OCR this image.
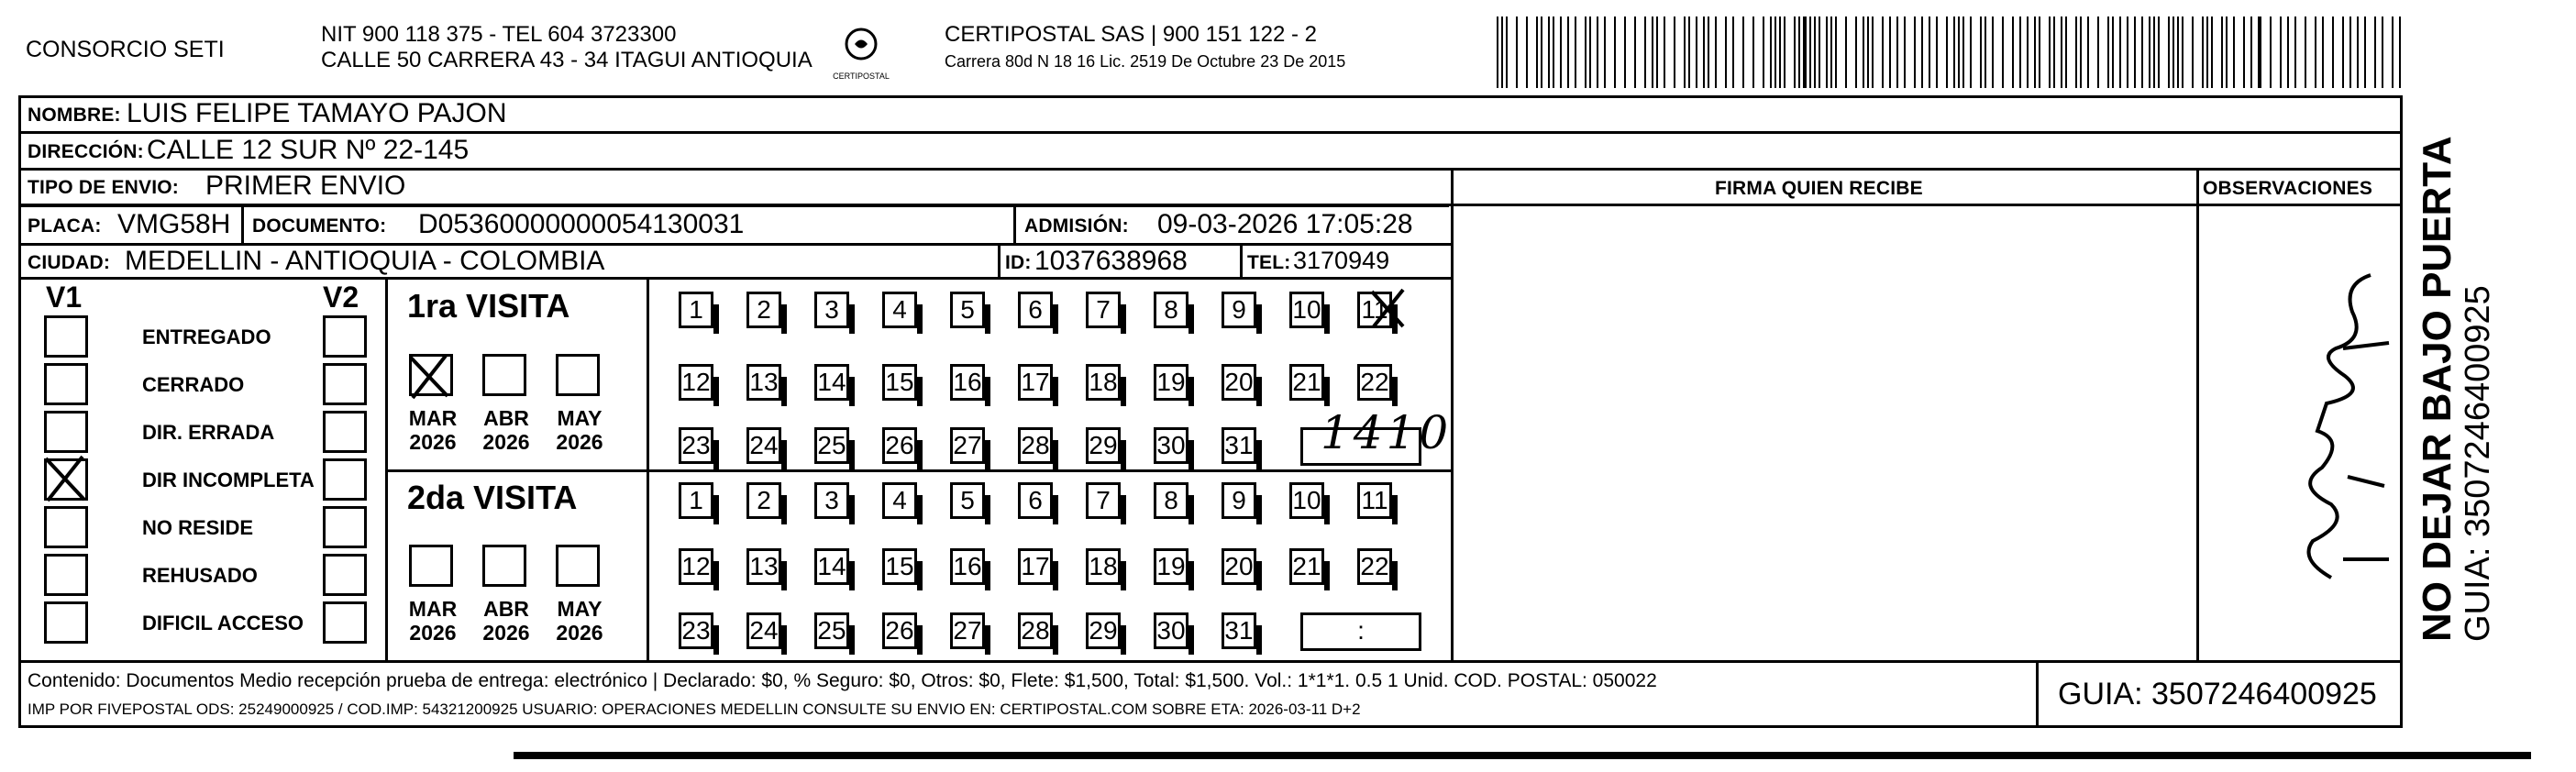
CONSORCIO SETI
NIT 900 118 375 - TEL 604 3723300
CALLE 50 CARRERA 43 - 34 ITAGUI ANTIOQUIA
CERTIPOSTAL
CERTIPOSTAL SAS | 900 151 122 - 2
Carrera 80d N 18 16 Lic. 2519 De Octubre 23 De 2015
NOMBRE: LUIS FELIPE TAMAYO PAJON
DIRECCIÓN: CALLE 12 SUR Nº 22-145
TIPO DE ENVIO: PRIMER ENVIO
PLACA: VMG58H DOCUMENTO: D05360000000054130031	ADMISIÓN: 09-03-2026 17:05:28
CIUDAD: MEDELLIN - ANTIOQUIA - COLOMBIA	ID: 1037638968	TEL: 3170949
FIRMA QUIEN RECIBE	OBSERVACIONES
V1	V2
ENTREGADO
CERRADO
DIR. ERRADA
DIR INCOMPLETA
NO RESIDE
REHUSADO
DIFICIL ACCESO
1ra VISITA
2da VISITA
MAR
2026
ABR
2026
MAY
2026
MAR
2026
ABR
2026
MAY
2026
1	2	3	4	5	6	7	8	9	10 11
12 13 14 15 16 17 18 19 20 21 22
23 24 25 26 27 28 29 30 31
1	2	3	4	5	6	7	8	9	10 11
12 13 14 15 16 17 18 19 20 21 22
23 24 25 26 27 28 29 30 31	:
1410
Contenido: Documentos Medio recepción prueba de entrega: electrónico | Declarado: $0, % Seguro: $0, Otros: $0, Flete: $1,500, Total: $1,500. Vol.: 1*1*1. 0.5 1 Unid. COD. POSTAL: 050022
IMP POR FIVEPOSTAL ODS: 25249000925 / COD.IMP: 54321200925 USUARIO: OPERACIONES MEDELLIN CONSULTE SU ENVIO EN: CERTIPOSTAL.COM SOBRE ETA: 2026-03-11 D+2	GUIA: 3507246400925
NO DEJAR BAJO PUERTA GUIA: 3507246400925
